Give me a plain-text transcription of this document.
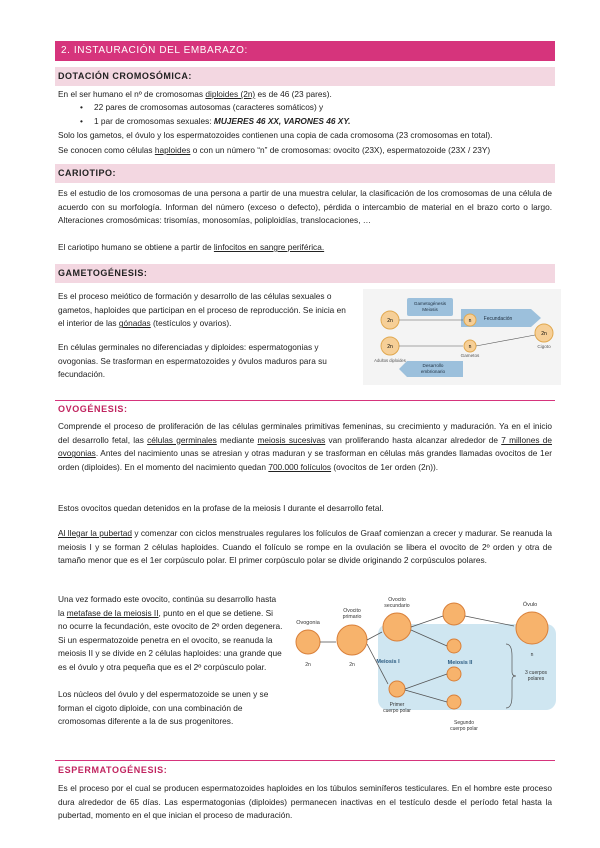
2. INSTAURACIÓN DEL EMBARAZO:
DOTACIÓN CROMOSÓMICA:

En el ser humano el nº de cromosomas diploides (2n) es de 46 (23 pares).

• 22 pares de cromosomas autosomas (caracteres somáticos) y
• 1 par de cromosomas sexuales: MUJERES 46 XX, VARONES 46 XY.

Solo los gametos, el óvulo y los espermatozoides contienen una copia de cada cromosoma (23 cromosomas en total).

Se conocen como células haploides o con un número “n” de cromosomas: ovocito (23X), espermatozoide (23X / 23Y)

CARIOTIPO:

Es el estudio de los cromosomas de una persona a partir de una muestra celular, la clasificación de los cromosomas de una célula de acuerdo con su morfología. Informan del número (exceso o defecto), pérdida o intercambio de material en el brazo corto o largo. Alteraciones cromosómicas: trisomías, monosomías, poliploidías, translocaciones, …

El cariotipo humano se obtiene a partir de linfocitos en sangre periférica.

GAMETOGÉNESIS:

Es el proceso meiótico de formación y desarrollo de las células sexuales o gametos, haploides que participan en el proceso de reproducción. Se inicia en el interior de las gónadas (testículos y ovarios).

En células germinales no diferenciadas y diploides: espermatogonias y ovogonias. Se trasforman en espermatozoides y óvulos maduros para su fecundación.

Gametogénesis
Meiosis
Fecundación
Desarrollo
embrionario
2n
2n
n
n
2n
Gametos
Cigoto
Adultos diploides
OVOGÉNESIS:

Comprende el proceso de proliferación de las células germinales primitivas femeninas, su crecimiento y maduración. Ya en el inicio del desarrollo fetal, las células germinales mediante meiosis sucesivas van proliferando hasta alcanzar alrededor de 7 millones de ovogonias. Antes del nacimiento unas se atresian y otras maduran y se trasforman en células más grandes llamadas ovocitos de 1er orden (diploides). En el momento del nacimiento quedan 700.000 folículos (ovocitos de 1er orden (2n)).

Estos ovocitos quedan detenidos en la profase de la meiosis I durante el desarrollo fetal.

Al llegar la pubertad y comenzar con ciclos menstruales regulares los folículos de Graaf comienzan a crecer y madurar. Se reanuda la meiosis I y se forman 2 células haploides. Cuando el folículo se rompe en la ovulación se libera el ovocito de 2º orden y otra de tamaño menor que es el 1er corpúsculo polar. El primer corpúsculo polar se divide originando 2 corpúsculos polares.

Una vez formado este ovocito, continúa su desarrollo hasta la metafase de la meiosis II, punto en el que se detiene. Si no ocurre la fecundación, este ovocito de 2º orden degenera. Si un espermatozoide penetra en el ovocito, se reanuda la meiosis II y se divide en 2 células haploides: una grande que es el óvulo y otra pequeña que es el 2º corpúsculo polar.

Los núcleos del óvulo y del espermatozoide se unen y se forman el cigoto diploide, con una combinación de cromosomas diferente a la de sus progenitores.

Ovogonia
2n
Ovocito
primario
2n
Ovocito
secundario
Primer
cuerpo polar
Meiosis I	Meiosis II
Segundo
cuerpo polar
Óvulo
n
3 cuerpos
polares
ESPERMATOGÉNESIS:

Es el proceso por el cual se producen espermatozoides haploides en los túbulos seminíferos testiculares. En el hombre este proceso dura alrededor de 65 días. Las espermatogonias (diploides) permanecen inactivas en el testículo desde el período fetal hasta la pubertad, momento en el que inician el proceso de maduración.
